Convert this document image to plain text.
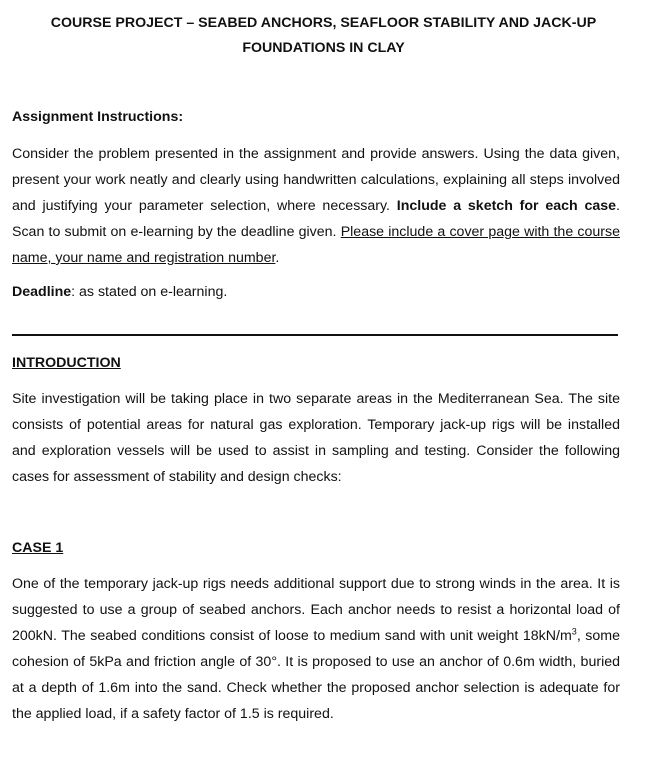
COURSE PROJECT – SEABED ANCHORS, SEAFLOOR STABILITY AND JACK-UP
FOUNDATIONS IN CLAY
Assignment Instructions:
Consider the problem presented in the assignment and provide answers. Using the data given, present your work neatly and clearly using handwritten calculations, explaining all steps involved and justifying your parameter selection, where necessary. Include a sketch for each case. Scan to submit on e-learning by the deadline given. Please include a cover page with the course name, your name and registration number.
Deadline: as stated on e-learning.
INTRODUCTION
Site investigation will be taking place in two separate areas in the Mediterranean Sea. The site consists of potential areas for natural gas exploration. Temporary jack-up rigs will be installed and exploration vessels will be used to assist in sampling and testing. Consider the following cases for assessment of stability and design checks:
CASE 1
One of the temporary jack-up rigs needs additional support due to strong winds in the area. It is suggested to use a group of seabed anchors. Each anchor needs to resist a horizontal load of 200kN. The seabed conditions consist of loose to medium sand with unit weight $18kN/m^3$, some cohesion of 5kPa and friction angle of 30°. It is proposed to use an anchor of 0.6m width, buried at a depth of 1.6m into the sand. Check whether the proposed anchor selection is adequate for the applied load, if a safety factor of 1.5 is required.
